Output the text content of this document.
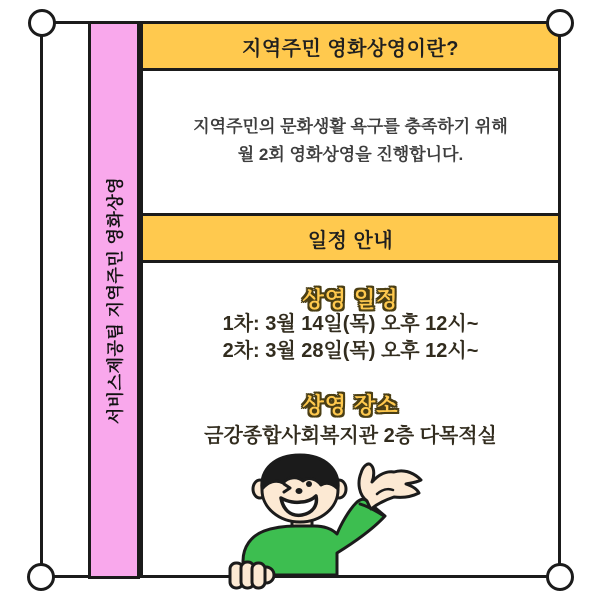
서비스제공팀 지역주민 영화상영
지역주민 영화상영이란?
지역주민의 문화생활 욕구를 충족하기 위해
월 2회 영화상영을 진행합니다.
일정 안내
상영 일정
1차: 3월 14일(목) 오후 12시~
2차: 3월 28일(목) 오후 12시~
상영 장소
금강종합사회복지관 2층 다목적실
